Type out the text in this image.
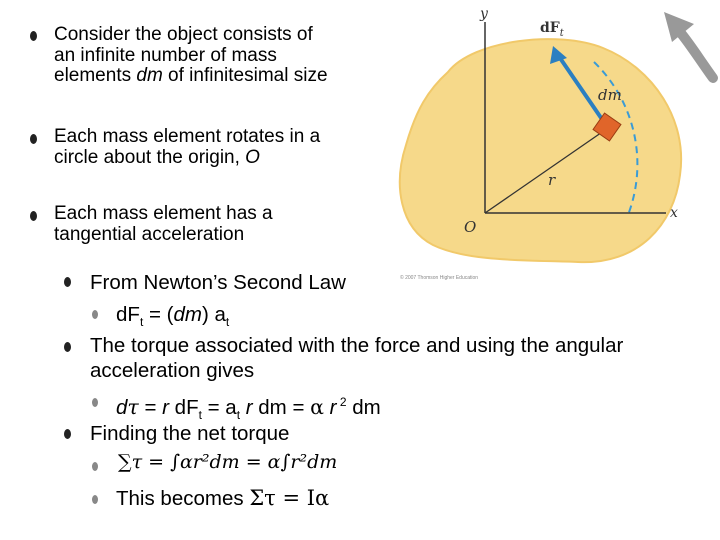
Consider the object consists of an infinite number of mass elements dm of infinitesimal size
Each mass element rotates in a circle about the origin, O
Each mass element has a tangential acceleration
From Newton’s Second Law
$dF_t = (dm)$ $a_t$
The torque associated with the force and using the angular acceleration gives
dτ = r $dF_t = a_t$ r dm = α r $^2$ dm
Finding the net torque
∑τ = ∫αr²dm = α∫r²dm
This becomes Στ = Iα
y
x
O
r
dm
$dF_t$
© 2007 Thomson Higher Education
